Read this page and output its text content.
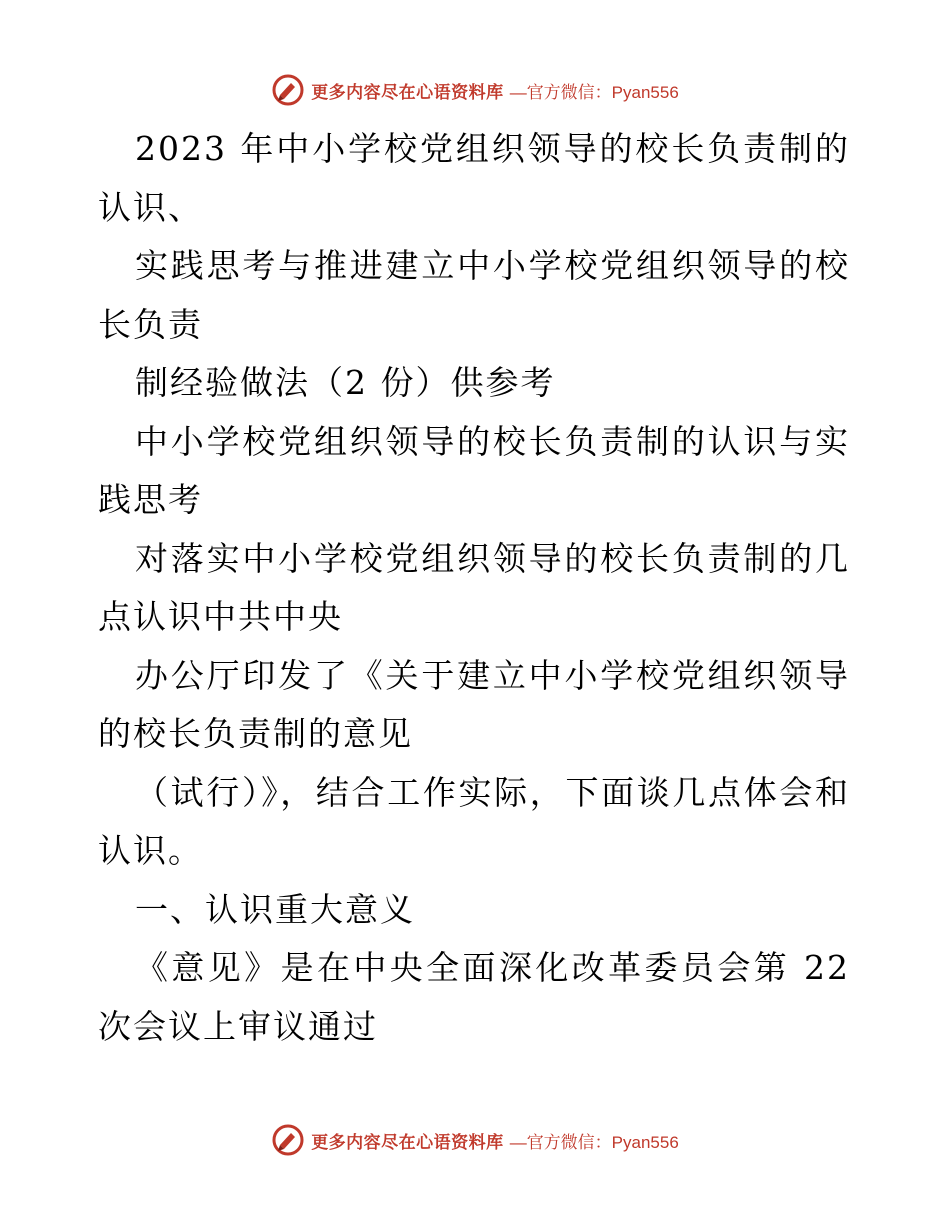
更多内容尽在心语资料库 —官方微信：Pyan556

2023 年中小学校党组织领导的校长负责制的认识、

实践思考与推进建立中小学校党组织领导的校长负责

制经验做法（2 份）供参考

中小学校党组织领导的校长负责制的认识与实践思考

对落实中小学校党组织领导的校长负责制的几点认识中共中央

办公厅印发了《关于建立中小学校党组织领导的校长负责制的意见

（试行）》，结合工作实际，下面谈几点体会和认识。

一、认识重大意义

《意见》是在中央全面深化改革委员会第 22 次会议上审议通过

更多内容尽在心语资料库 —官方微信：Pyan556
